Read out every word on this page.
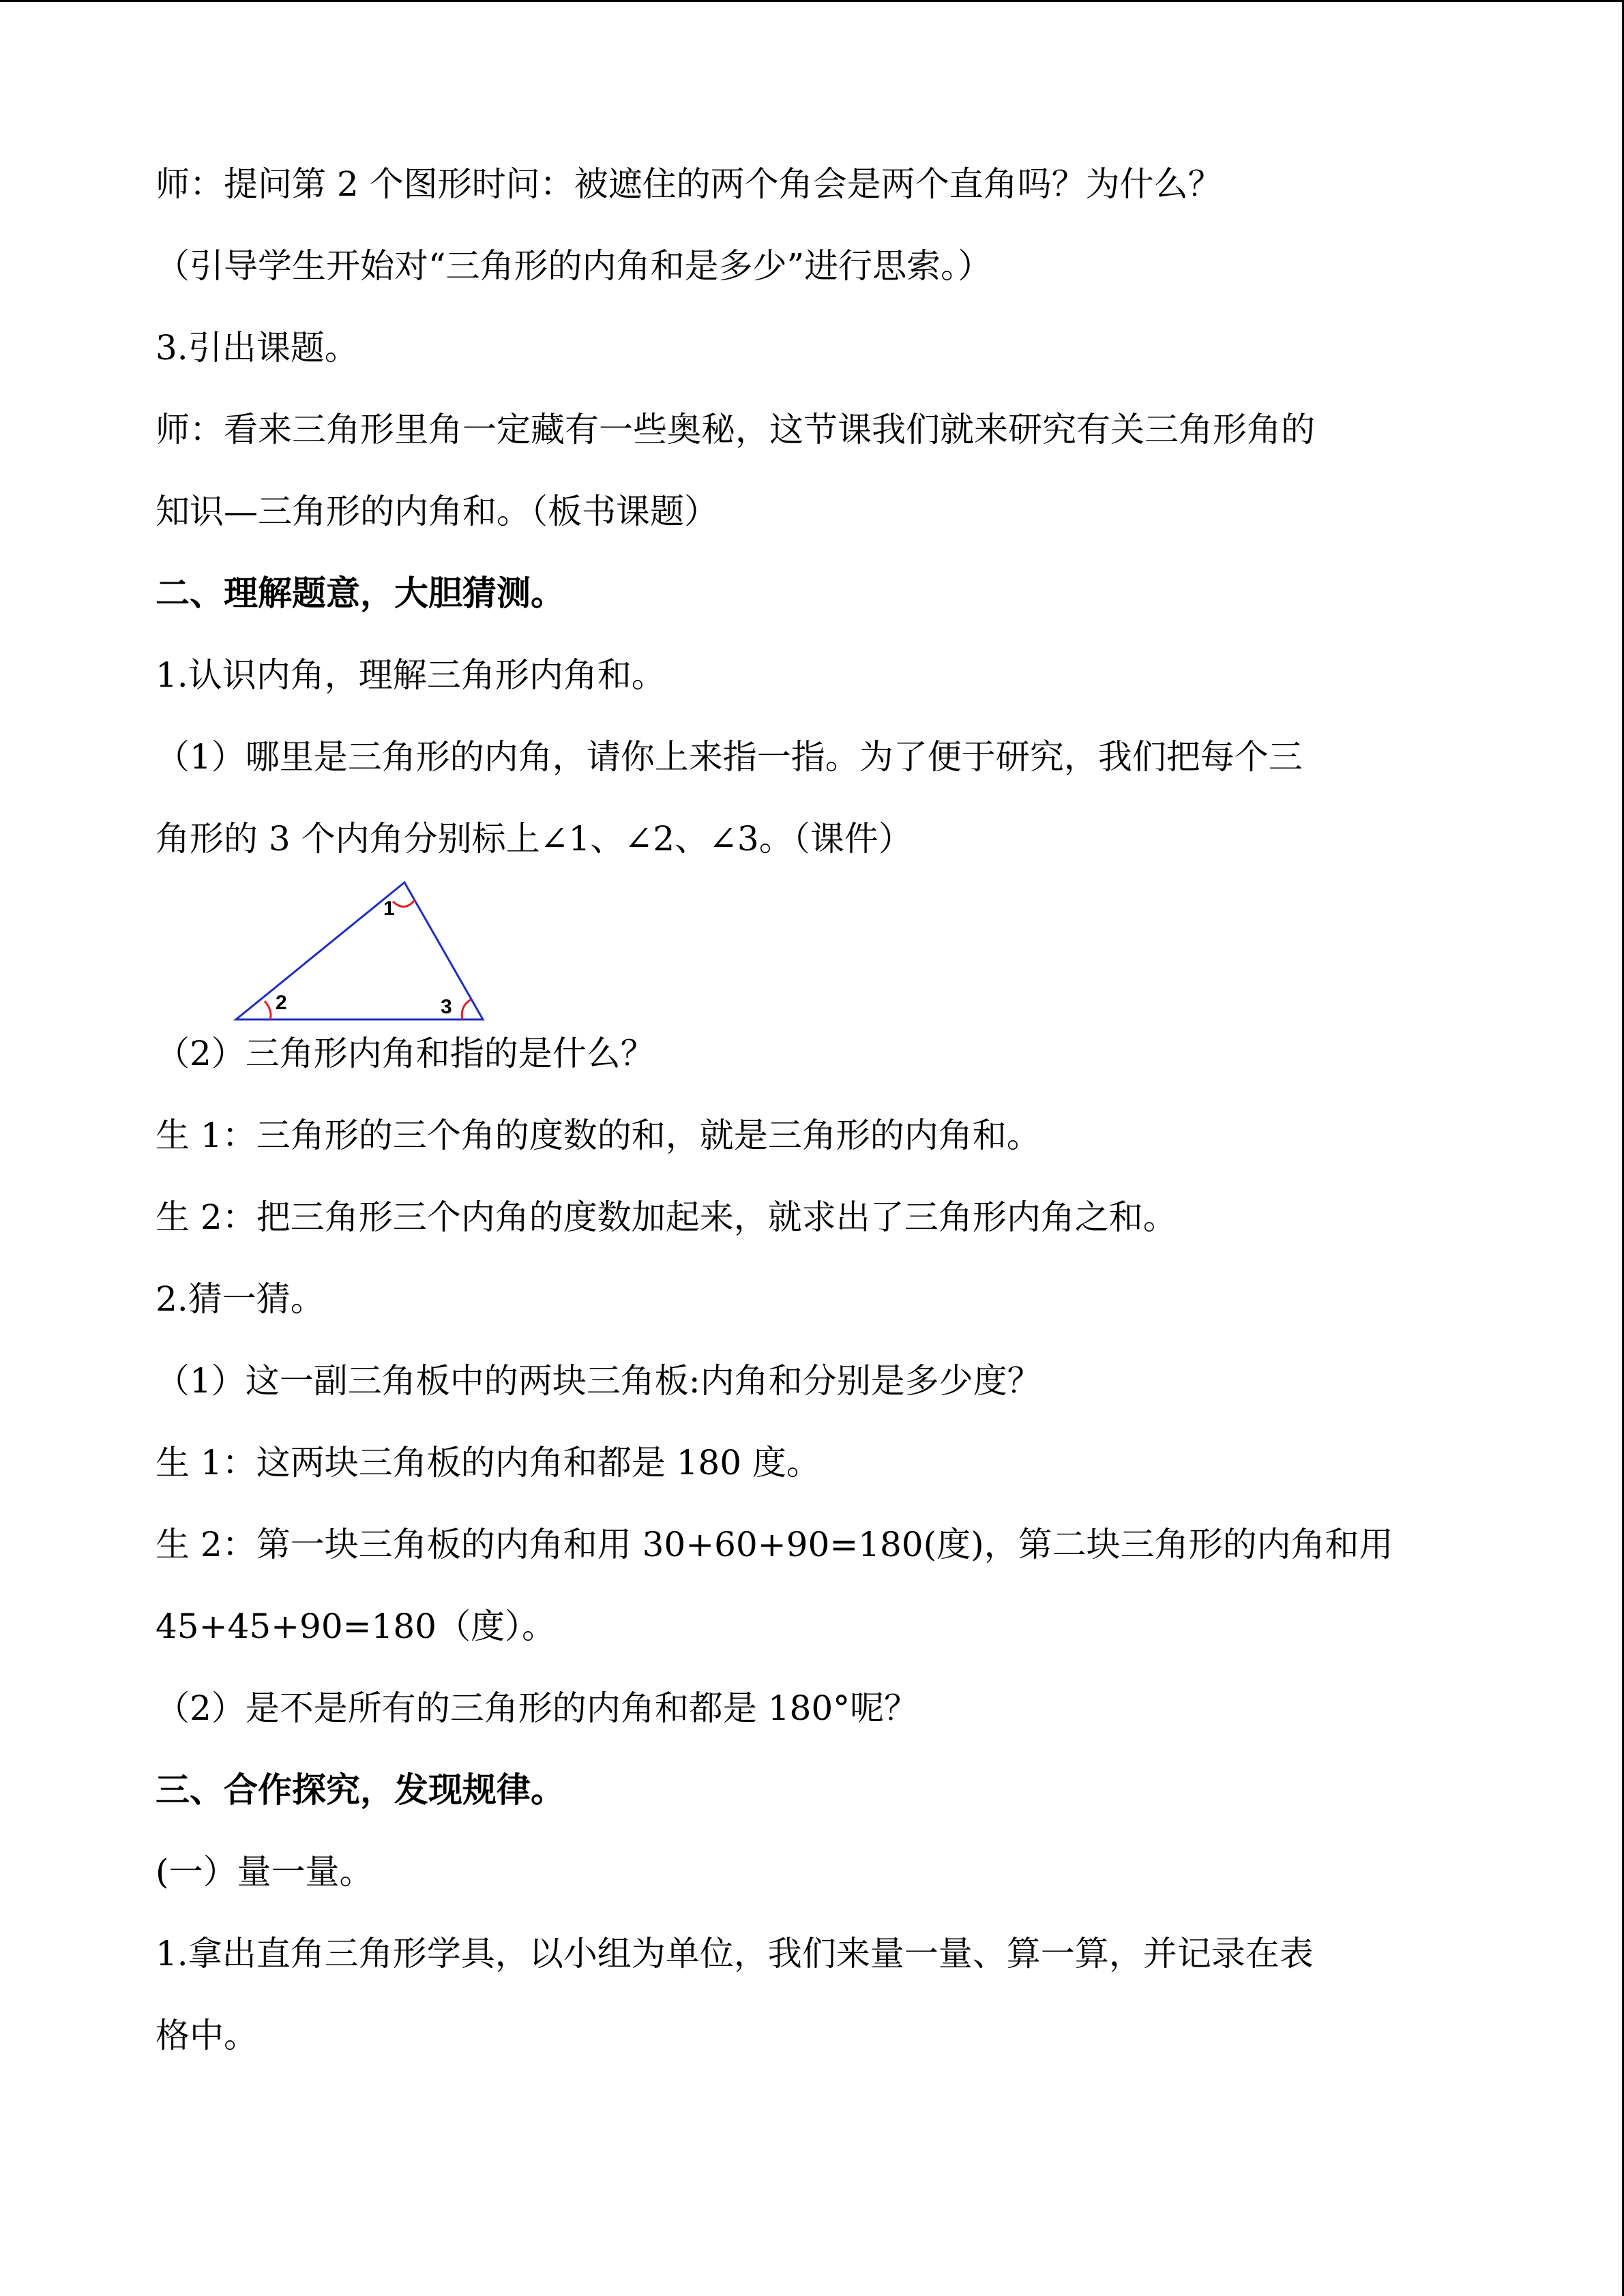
师：提问第 2 个图形时问：被遮住的两个角会是两个直角吗？为什么？
（引导学生开始对“三角形的内角和是多少”进行思索。）
3.引出课题。
师：看来三角形里角一定藏有一些奥秘，这节课我们就来研究有关三角形角的
知识—三角形的内角和。（板书课题）
二、理解题意，大胆猜测。
1.认识内角，理解三角形内角和。
（1）哪里是三角形的内角，请你上来指一指。为了便于研究，我们把每个三
角形的 3 个内角分别标上∠1、∠2、∠3。（课件）
1
2	3
（2）三角形内角和指的是什么？
生 1：三角形的三个角的度数的和，就是三角形的内角和。
生 2：把三角形三个内角的度数加起来，就求出了三角形内角之和。
2.猜一猜。
（1）这一副三角板中的两块三角板:内角和分别是多少度？
生 1：这两块三角板的内角和都是 180 度。
生 2：第一块三角板的内角和用 30+60+90=180(度)，第二块三角形的内角和用
45+45+90=180（度）。
（2）是不是所有的三角形的内角和都是 180°呢？
三、合作探究，发现规律。
(一）量一量。
1.拿出直角三角形学具，以小组为单位，我们来量一量、算一算，并记录在表
格中。
